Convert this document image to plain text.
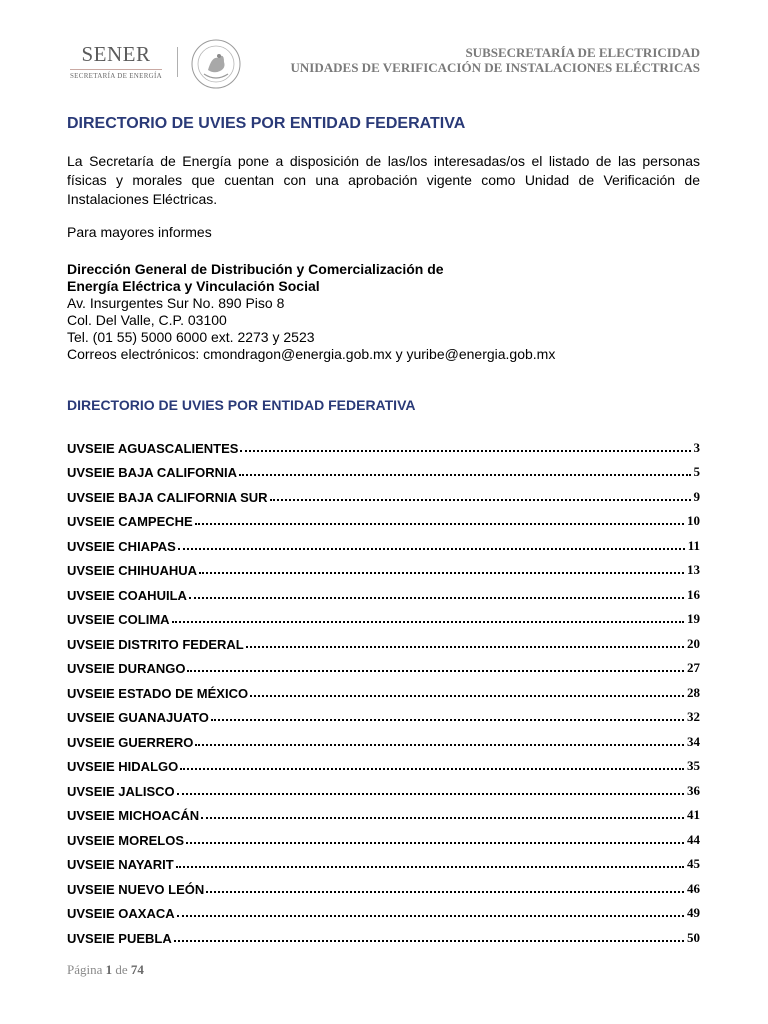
SENER
SECRETARÍA DE ENERGÍA
SUBSECRETARÍA DE ELECTRICIDAD
UNIDADES DE VERIFICACIÓN DE INSTALACIONES ELÉCTRICAS
DIRECTORIO DE UVIES POR ENTIDAD FEDERATIVA

La Secretaría de Energía pone a disposición de las/los interesadas/os el listado de las personas físicas y morales que cuentan con una aprobación vigente como Unidad de Verificación de Instalaciones Eléctricas.

Para mayores informes

Dirección General de Distribución y Comercialización de
Energía Eléctrica y Vinculación Social
Av. Insurgentes Sur No. 890 Piso 8
Col. Del Valle, C.P. 03100
Tel. (01 55) 5000 6000 ext. 2273 y 2523
Correos electrónicos: cmondragon@energia.gob.mx y yuribe@energia.gob.mx
DIRECTORIO DE UVIES POR ENTIDAD FEDERATIVA
UVSEIE AGUASCALIENTES	3
UVSEIE BAJA CALIFORNIA	5
UVSEIE BAJA CALIFORNIA SUR	9
UVSEIE CAMPECHE	10
UVSEIE CHIAPAS	11
UVSEIE CHIHUAHUA	13
UVSEIE COAHUILA	16
UVSEIE COLIMA	19
UVSEIE DISTRITO FEDERAL	20
UVSEIE DURANGO	27
UVSEIE ESTADO DE MÉXICO	28
UVSEIE GUANAJUATO	32
UVSEIE GUERRERO	34
UVSEIE HIDALGO	35
UVSEIE JALISCO	36
UVSEIE MICHOACÁN	41
UVSEIE MORELOS	44
UVSEIE NAYARIT	45
UVSEIE NUEVO LEÓN	46
UVSEIE OAXACA	49
UVSEIE PUEBLA	50
Página 1 de 74
